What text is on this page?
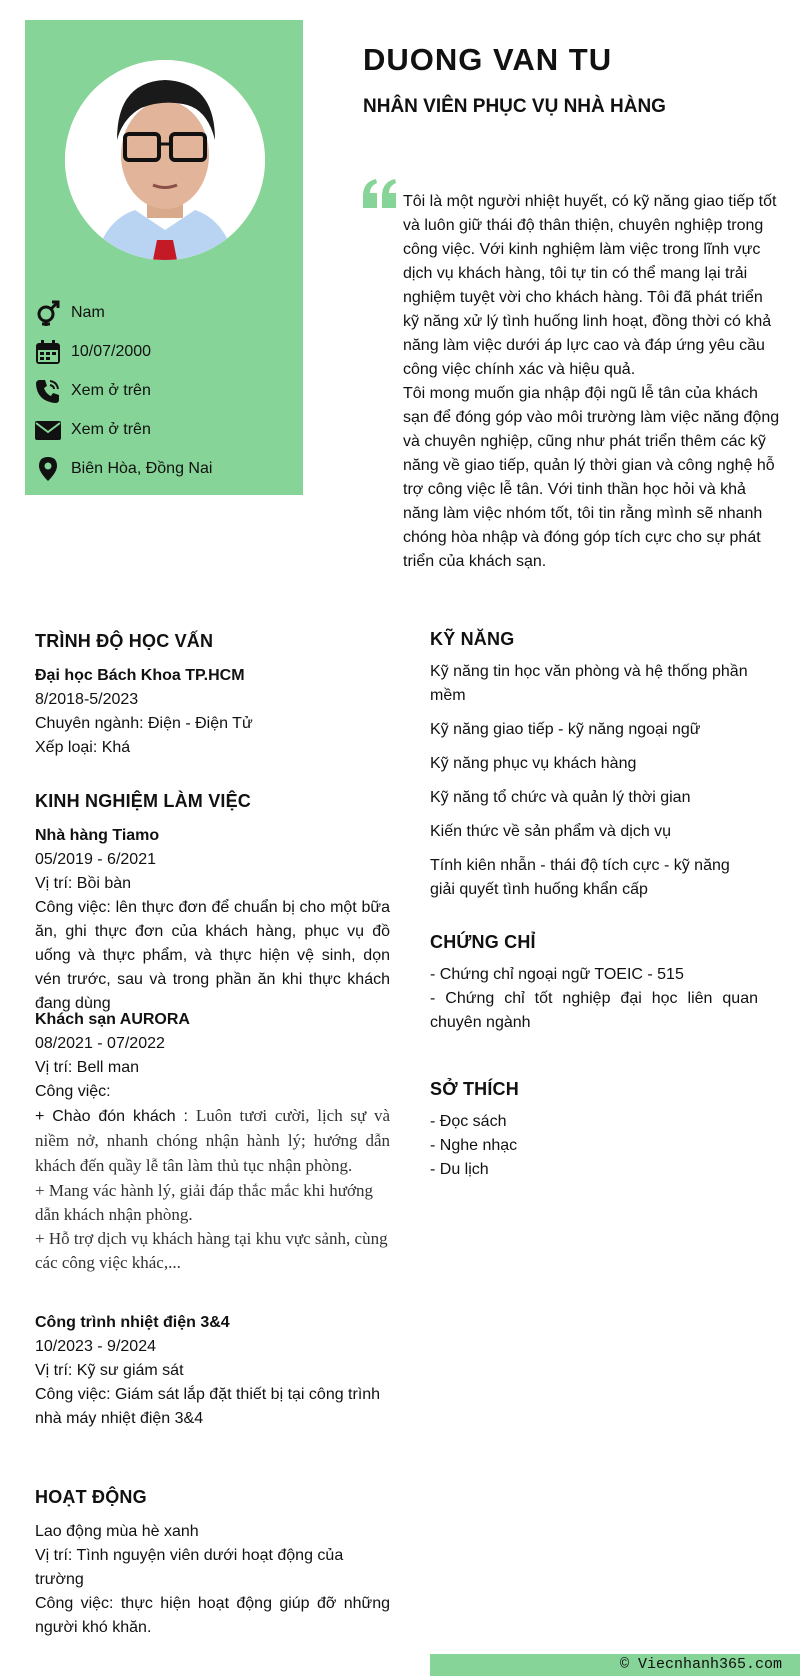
Nam
10/07/2000
Xem ở trên
Xem ở trên
Biên Hòa, Đồng Nai
DUONG VAN TU
NHÂN VIÊN PHỤC VỤ NHÀ HÀNG

Tôi là một người nhiệt huyết, có kỹ năng giao tiếp tốt và luôn giữ thái độ thân thiện, chuyên nghiệp trong công việc. Với kinh nghiệm làm việc trong lĩnh vực dịch vụ khách hàng, tôi tự tin có thể mang lại trải nghiệm tuyệt vời cho khách hàng. Tôi đã phát triển kỹ năng xử lý tình huống linh hoạt, đồng thời có khả năng làm việc dưới áp lực cao và đáp ứng yêu cầu công việc chính xác và hiệu quả.

Tôi mong muốn gia nhập đội ngũ lễ tân của khách sạn để đóng góp vào môi trường làm việc năng động và chuyên nghiệp, cũng như phát triển thêm các kỹ năng về giao tiếp, quản lý thời gian và công nghệ hỗ trợ công việc lễ tân. Với tinh thần học hỏi và khả năng làm việc nhóm tốt, tôi tin rằng mình sẽ nhanh chóng hòa nhập và đóng góp tích cực cho sự phát triển của khách sạn.

TRÌNH ĐỘ HỌC VẤN

Đại học Bách Khoa TP.HCM

8/2018-5/2023

Chuyên ngành: Điện - Điện Tử

Xếp loại: Khá

KINH NGHIỆM LÀM VIỆC

Nhà hàng Tiamo

05/2019 - 6/2021

Vị trí: Bồi bàn

Công việc: lên thực đơn để chuẩn bị cho một bữa ăn, ghi thực đơn của khách hàng, phục vụ đồ uống và thực phẩm, và thực hiện vệ sinh, dọn vén trước, sau và trong phần ăn khi thực khách đang dùng

Khách sạn AURORA

08/2021 - 07/2022

Vị trí: Bell man

Công việc:

+ Chào đón khách : Luôn tươi cười, lịch sự và niềm nở, nhanh chóng nhận hành lý; hướng dẫn khách đến quầy lễ tân làm thủ tục nhận phòng.

+ Mang vác hành lý, giải đáp thắc mắc khi hướng dẫn khách nhận phòng.

+ Hỗ trợ dịch vụ khách hàng tại khu vực sảnh, cùng các công việc khác,...

Công trình nhiệt điện 3&4

10/2023 - 9/2024

Vị trí: Kỹ sư giám sát

Công việc: Giám sát lắp đặt thiết bị tại công trình nhà máy nhiệt điện 3&4

HOẠT ĐỘNG

Lao động mùa hè xanh

Vị trí: Tình nguyện viên dưới hoạt động của trường

Công việc: thực hiện hoạt động giúp đỡ những người khó khăn.

KỸ NĂNG

Kỹ năng tin học văn phòng và hệ thống phần mềm

Kỹ năng giao tiếp - kỹ năng ngoại ngữ

Kỹ năng phục vụ khách hàng

Kỹ năng tổ chức và quản lý thời gian

Kiến thức về sản phẩm và dịch vụ

Tính kiên nhẫn - thái độ tích cực - kỹ năng giải quyết tình huống khẩn cấp

CHỨNG CHỈ

- Chứng chỉ ngoại ngữ TOEIC - 515

- Chứng chỉ tốt nghiệp đại học liên quan chuyên ngành

SỞ THÍCH

- Đọc sách

- Nghe nhạc

- Du lịch

© Viecnhanh365.com
